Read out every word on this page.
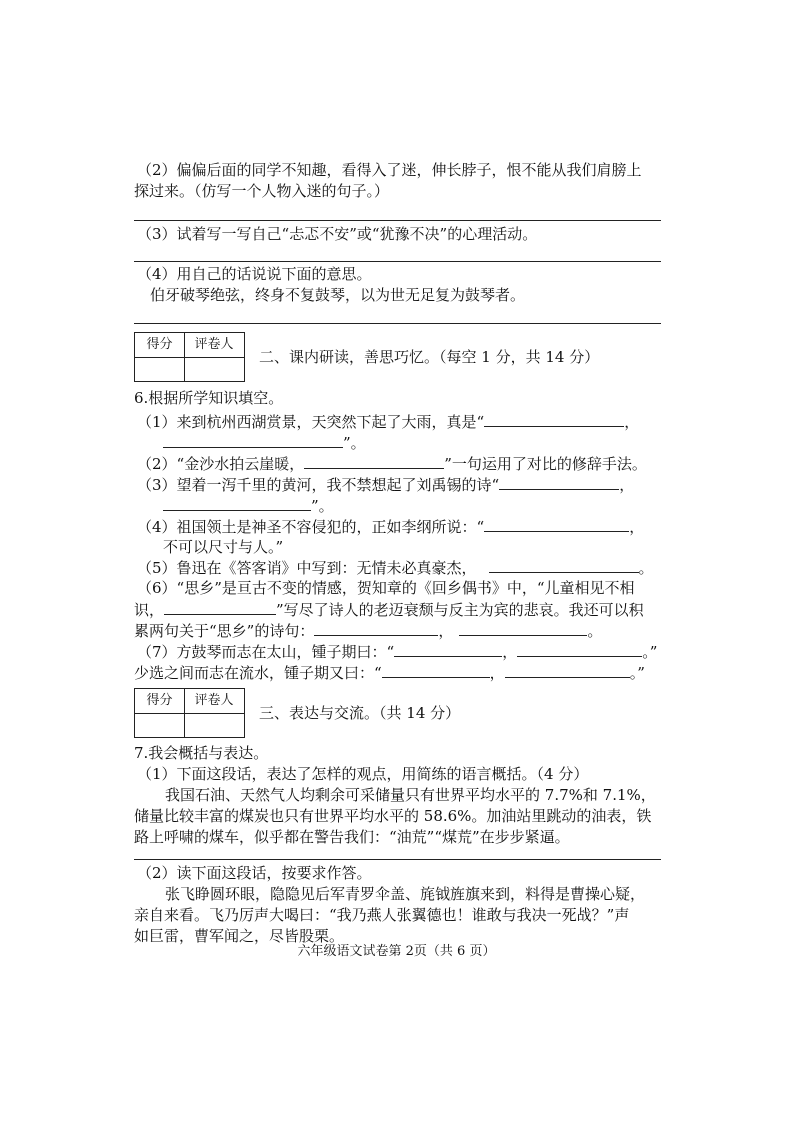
（2）偏偏后面的同学不知趣，看得入了迷，伸长脖子，恨不能从我们肩膀上
探过来。（仿写一个人物入迷的句子。）
（3）试着写一写自己“忐忑不安”或“犹豫不决”的心理活动。
（4）用自己的话说说下面的意思。
伯牙破琴绝弦，终身不复鼓琴，以为世无足复为鼓琴者。
得分	评卷人
二、课内研读，善思巧忆。（每空 1 分，共 14 分）
6.根据所学知识填空。
（1）来到杭州西湖赏景，天突然下起了大雨，真是“	，
”。
（2）“金沙水拍云崖暖，	”一句运用了对比的修辞手法。
（3）望着一泻千里的黄河，我不禁想起了刘禹锡的诗“	，
”。
（4）祖国领土是神圣不容侵犯的，正如李纲所说：“	，
不可以尺寸与人。”
（5）鲁迅在《答客诮》中写到：无情未必真豪杰，	。
（6）“思乡”是亘古不变的情感，贺知章的《回乡偶书》中，“儿童相见不相
识，	”写尽了诗人的老迈衰颓与反主为宾的悲哀。我还可以积
累两句关于“思乡”的诗句：	，	。
（7）方鼓琴而志在太山，锺子期曰：“	，	。”
少选之间而志在流水，锺子期又曰：“	，	。”
得分	评卷人
三、表达与交流。（共 14 分）
7.我会概括与表达。
（1）下面这段话，表达了怎样的观点，用简练的语言概括。（4 分）
我国石油、天然气人均剩余可采储量只有世界平均水平的 7.7%和 7.1%，
储量比较丰富的煤炭也只有世界平均水平的 58.6%。加油站里跳动的油表，铁
路上呼啸的煤车，似乎都在警告我们：“油荒”“煤荒”在步步紧逼。
（2）读下面这段话，按要求作答。
张飞睁圆环眼，隐隐见后军青罗伞盖、旄钺旌旗来到，料得是曹操心疑，
亲自来看。飞乃厉声大喝曰：“我乃燕人张翼德也！谁敢与我决一死战？”声
如巨雷，曹军闻之，尽皆股栗。
六年级语文试卷第 2页（共 6 页）
